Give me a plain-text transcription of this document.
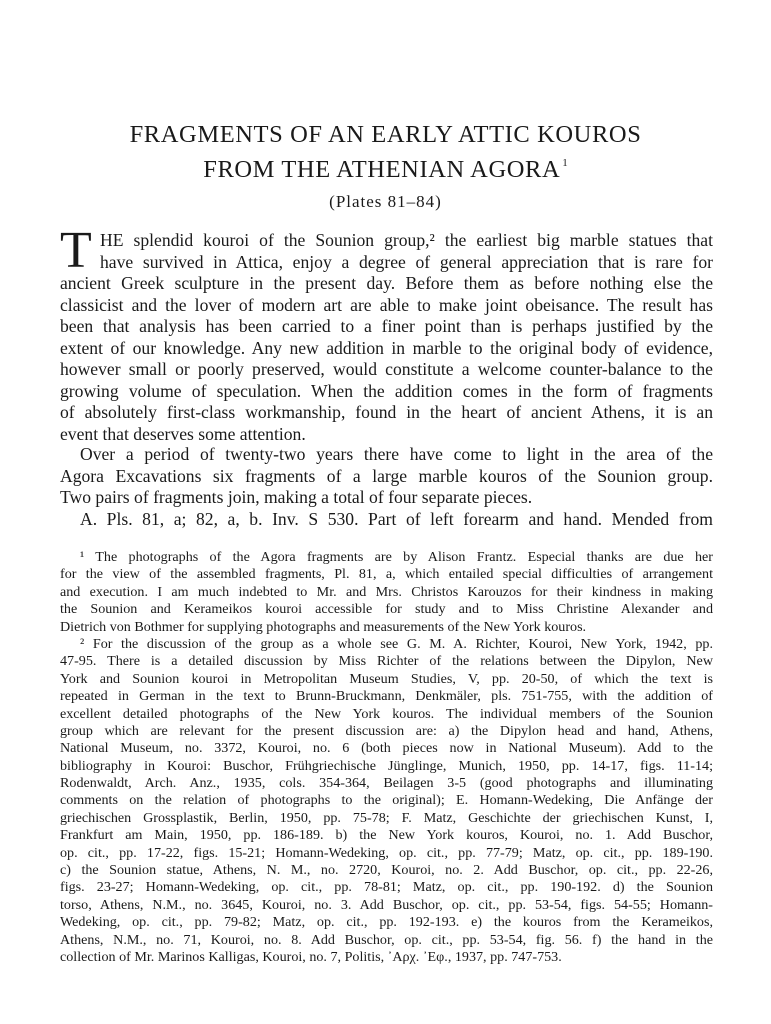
FRAGMENTS OF AN EARLY ATTIC KOUROS
FROM THE ATHENIAN AGORA $^1$
(Plates 81–84)
T HE splendid kouroi of the Sounion group,² the earliest big marble statues that
have survived in Attica, enjoy a degree of general appreciation that is rare for
ancient Greek sculpture in the present day. Before them as before nothing else the
classicist and the lover of modern art are able to make joint obeisance. The result has
been that analysis has been carried to a finer point than is perhaps justified by the
extent of our knowledge. Any new addition in marble to the original body of evidence,
however small or poorly preserved, would constitute a welcome counter-balance to the
growing volume of speculation. When the addition comes in the form of fragments
of absolutely first-class workmanship, found in the heart of ancient Athens, it is an
event that deserves some attention.
Over a period of twenty-two years there have come to light in the area of the
Agora Excavations six fragments of a large marble kouros of the Sounion group.
Two pairs of fragments join, making a total of four separate pieces.
A. Pls. 81, a; 82, a, b. Inv. S 530. Part of left forearm and hand. Mended from
¹ The photographs of the Agora fragments are by Alison Frantz. Especial thanks are due her
for the view of the assembled fragments, Pl. 81, a, which entailed special difficulties of arrangement
and execution. I am much indebted to Mr. and Mrs. Christos Karouzos for their kindness in making
the Sounion and Kerameikos kouroi accessible for study and to Miss Christine Alexander and
Dietrich von Bothmer for supplying photographs and measurements of the New York kouros.
² For the discussion of the group as a whole see G. M. A. Richter, Kouroi, New York, 1942, pp.
47-95. There is a detailed discussion by Miss Richter of the relations between the Dipylon, New
York and Sounion kouroi in Metropolitan Museum Studies, V, pp. 20-50, of which the text is
repeated in German in the text to Brunn-Bruckmann, Denkmäler, pls. 751-755, with the addition of
excellent detailed photographs of the New York kouros. The individual members of the Sounion
group which are relevant for the present discussion are: a) the Dipylon head and hand, Athens,
National Museum, no. 3372, Kouroi, no. 6 (both pieces now in National Museum). Add to the
bibliography in Kouroi: Buschor, Frühgriechische Jünglinge, Munich, 1950, pp. 14-17, figs. 11-14;
Rodenwaldt, Arch. Anz., 1935, cols. 354-364, Beilagen 3-5 (good photographs and illuminating
comments on the relation of photographs to the original); E. Homann-Wedeking, Die Anfänge der
griechischen Grossplastik, Berlin, 1950, pp. 75-78; F. Matz, Geschichte der griechischen Kunst, I,
Frankfurt am Main, 1950, pp. 186-189. b) the New York kouros, Kouroi, no. 1. Add Buschor,
op. cit., pp. 17-22, figs. 15-21; Homann-Wedeking, op. cit., pp. 77-79; Matz, op. cit., pp. 189-190.
c) the Sounion statue, Athens, N. M., no. 2720, Kouroi, no. 2. Add Buschor, op. cit., pp. 22-26,
figs. 23-27; Homann-Wedeking, op. cit., pp. 78-81; Matz, op. cit., pp. 190-192. d) the Sounion
torso, Athens, N.M., no. 3645, Kouroi, no. 3. Add Buschor, op. cit., pp. 53-54, figs. 54-55; Homann-
Wedeking, op. cit., pp. 79-82; Matz, op. cit., pp. 192-193. e) the kouros from the Kerameikos,
Athens, N.M., no. 71, Kouroi, no. 8. Add Buschor, op. cit., pp. 53-54, fig. 56. f) the hand in the
collection of Mr. Marinos Kalligas, Kouroi, no. 7, Politis, ᾿Αρχ. ᾿Εφ., 1937, pp. 747-753.
